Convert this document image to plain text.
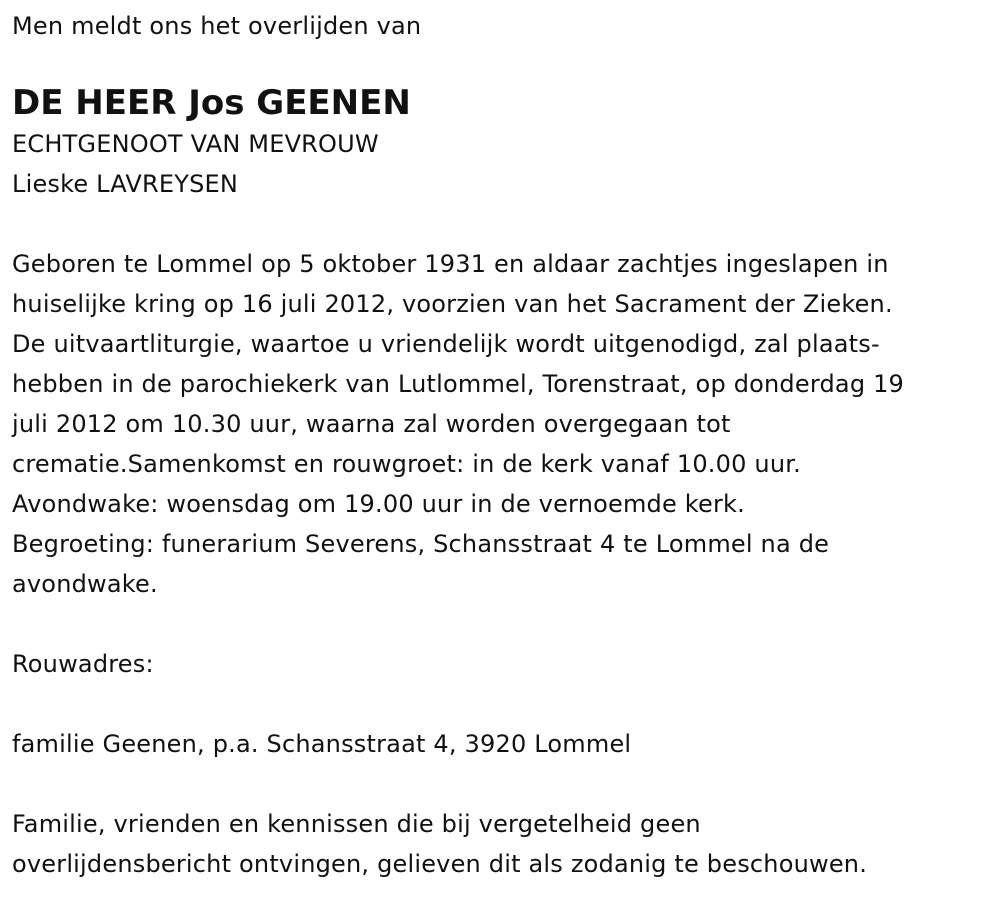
Men meldt ons het overlijden van

DE HEER Jos GEENEN

ECHTGENOOT VAN MEVROUW

Lieske LAVREYSEN

Geboren te Lommel op 5 oktober 1931 en aldaar zachtjes ingeslapen in

huiselijke kring op 16 juli 2012, voorzien van het Sacrament der Zieken.

De uitvaartliturgie, waartoe u vriendelijk wordt uitgenodigd, zal plaats-

hebben in de parochiekerk van Lutlommel, Torenstraat, op donderdag 19

juli 2012 om 10.30 uur, waarna zal worden overgegaan tot

crematie.Samenkomst en rouwgroet: in de kerk vanaf 10.00 uur.

Avondwake: woensdag om 19.00 uur in de vernoemde kerk.

Begroeting: funerarium Severens, Schansstraat 4 te Lommel na de

avondwake.

Rouwadres:

familie Geenen, p.a. Schansstraat 4, 3920 Lommel

Familie, vrienden en kennissen die bij vergetelheid geen

overlijdensbericht ontvingen, gelieven dit als zodanig te beschouwen.
